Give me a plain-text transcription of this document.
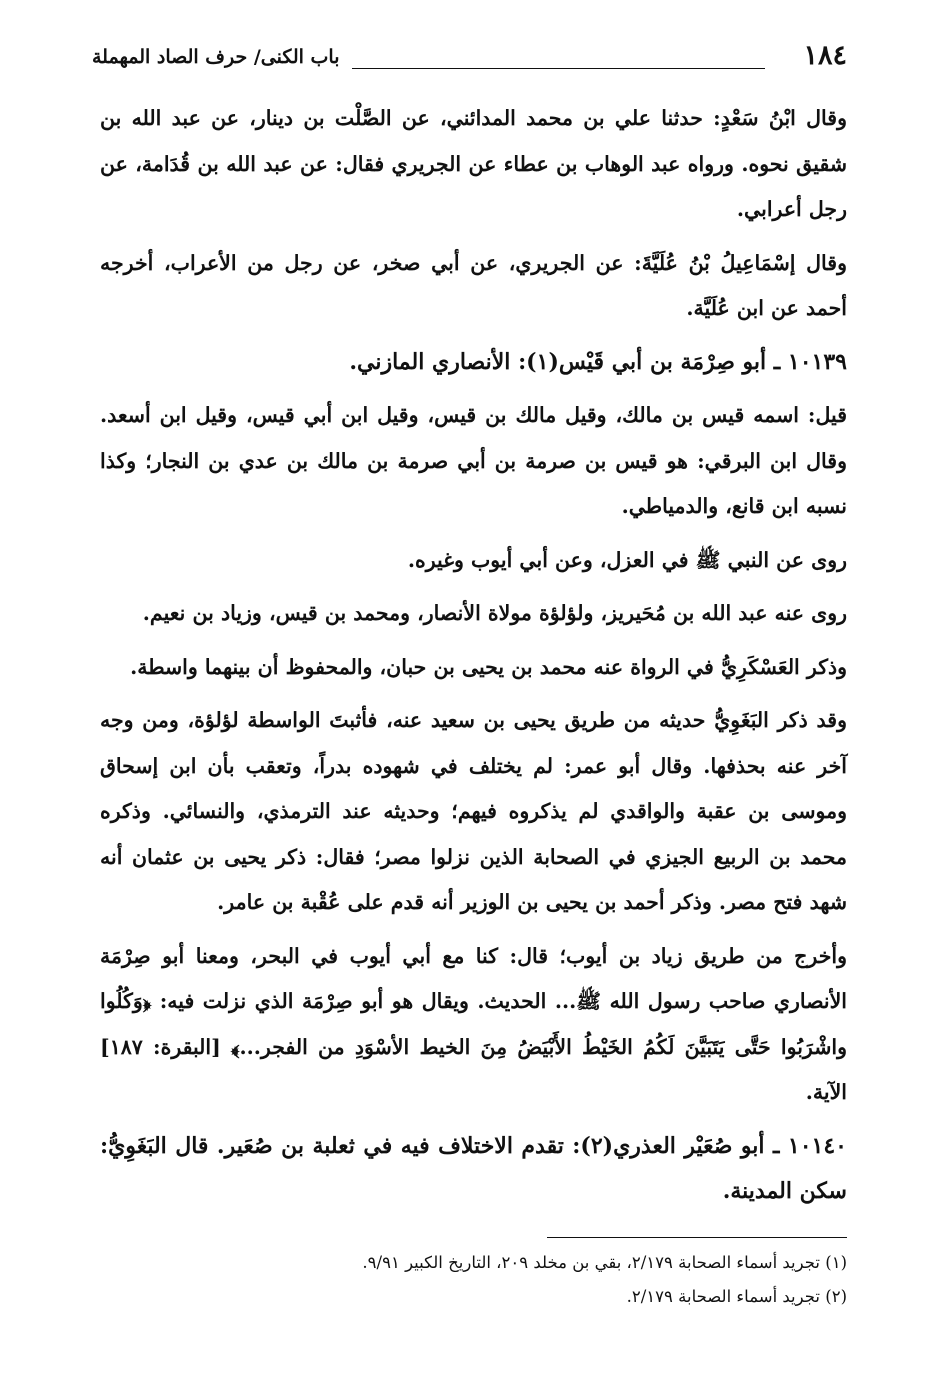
١٨٤
باب الكنى/ حرف الصاد المهملة

وقال ابْنُ سَعْدٍ: حدثنا علي بن محمد المدائني، عن الصَّلْت بن دينار، عن عبد الله بن شقيق نحوه. ورواه عبد الوهاب بن عطاء عن الجريري فقال: عن عبد الله بن قُدَامة، عن رجل أعرابي.

وقال إسْمَاعِيلُ بْنُ عُلَيَّةَ: عن الجريري، عن أبي صخر، عن رجل من الأعراب، أخرجه أحمد عن ابن عُلَيَّة.

١٠١٣٩ ـ أبو صِرْمَة بن أبي قَيْس(١): الأنصاري المازني.

قيل: اسمه قيس بن مالك، وقيل مالك بن قيس، وقيل ابن أبي قيس، وقيل ابن أسعد. وقال ابن البرقي: هو قيس بن صرمة بن أبي صرمة بن مالك بن عدي بن النجار؛ وكذا نسبه ابن قانع، والدمياطي.

روى عن النبي ﷺ في العزل، وعن أبي أيوب وغيره.

روى عنه عبد الله بن مُحَيريز، ولؤلؤة مولاة الأنصار، ومحمد بن قيس، وزياد بن نعيم.

وذكر العَسْكَرِيُّ في الرواة عنه محمد بن يحيى بن حبان، والمحفوظ أن بينهما واسطة.

وقد ذكر البَغَوِيُّ حديثه من طريق يحيى بن سعيد عنه، فأثبتَ الواسطة لؤلؤة، ومن وجه آخر عنه بحذفها. وقال أبو عمر: لم يختلف في شهوده بدراً، وتعقب بأن ابن إسحاق وموسى بن عقبة والواقدي لم يذكروه فيهم؛ وحديثه عند الترمذي، والنسائي. وذكره محمد بن الربيع الجيزي في الصحابة الذين نزلوا مصر؛ فقال: ذكر يحيى بن عثمان أنه شهد فتح مصر. وذكر أحمد بن يحيى بن الوزير أنه قدم على عُقْبة بن عامر.

وأخرج من طريق زياد بن أيوب؛ قال: كنا مع أبي أيوب في البحر، ومعنا أبو صِرْمَة الأنصاري صاحب رسول الله ﷺ... الحديث. ويقال هو أبو صِرْمَة الذي نزلت فيه: ﴿وَكُلُوا واشْرَبُوا حَتَّى يَتَبَيَّنَ لَكُمُ الخَيْطُ الأَبْيَضُ مِنَ الخيط الأسْوَدِ من الفجر...﴾ [البقرة: ١٨٧] الآية.

١٠١٤٠ ـ أبو صُعَيْر العذري(٢): تقدم الاختلاف فيه في ثعلبة بن صُعَير. قال البَغَوِيُّ: سكن المدينة.

(١) تجريد أسماء الصحابة ٢/١٧٩، بقي بن مخلد ٢٠٩، التاريخ الكبير ٩/٩١.

(٢) تجريد أسماء الصحابة ٢/١٧٩.
